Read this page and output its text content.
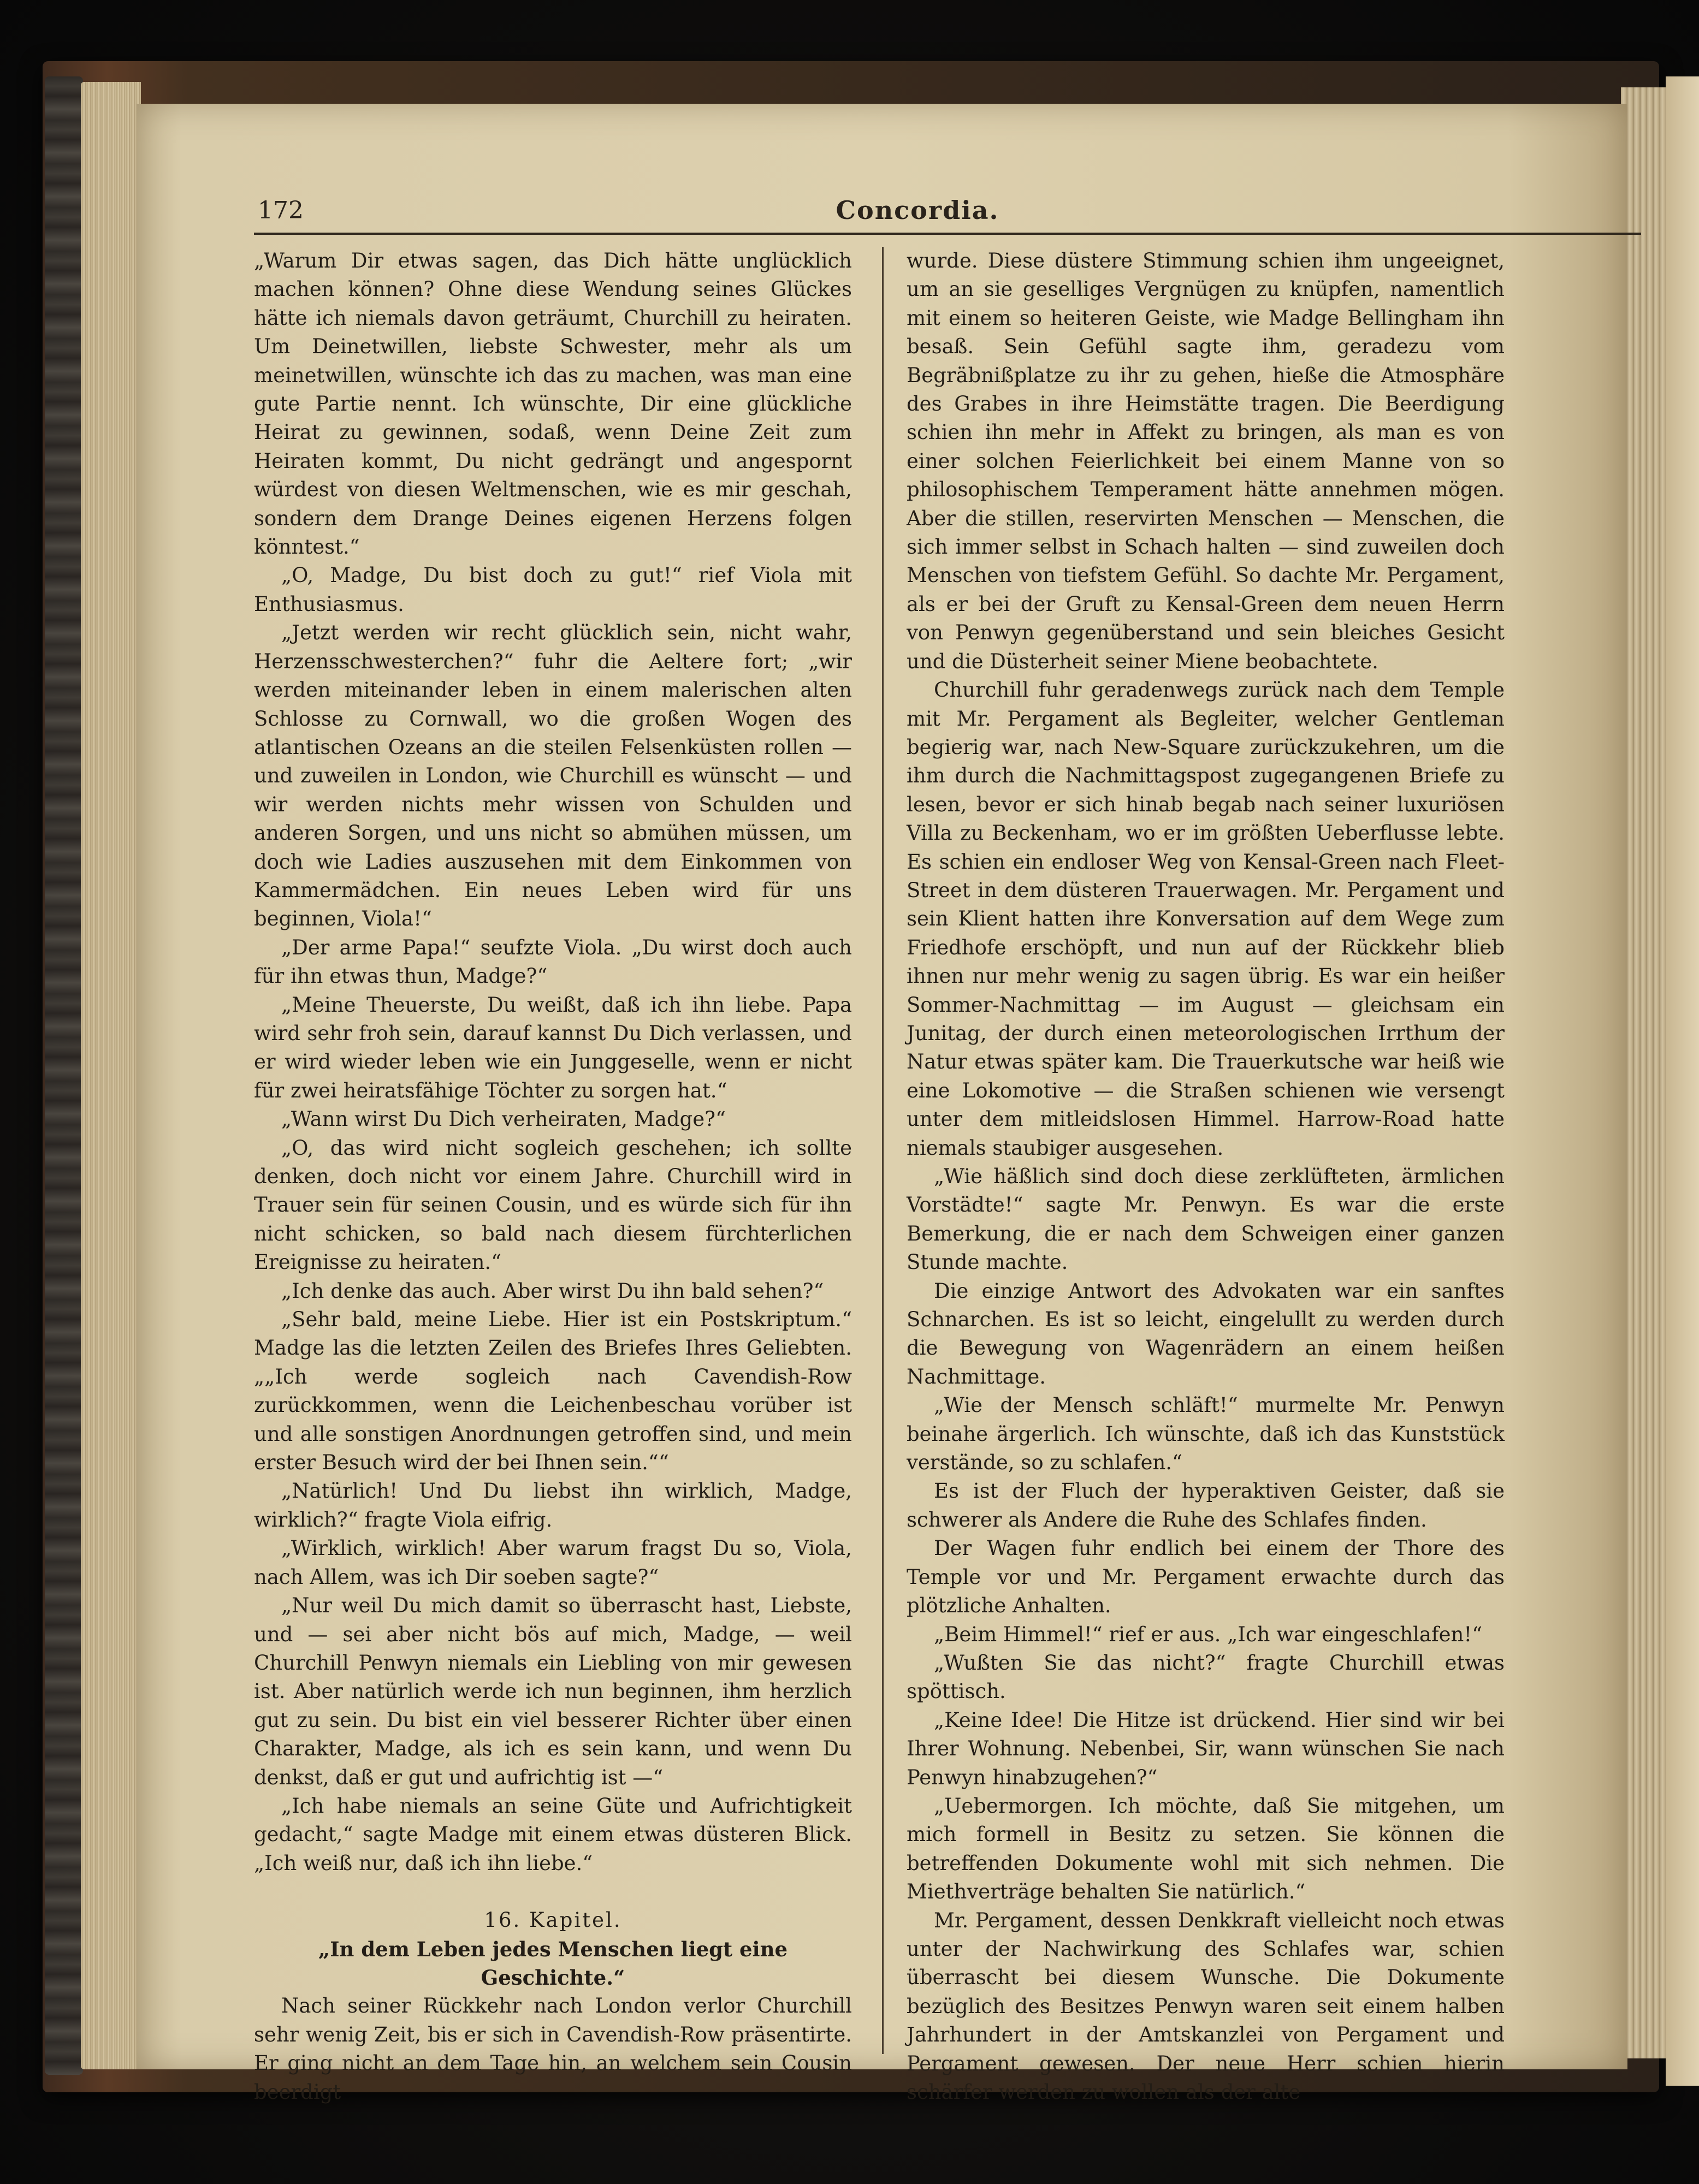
172	Concordia.

„Warum Dir etwas sagen, das Dich hätte unglücklich machen können? Ohne diese Wendung seines Glückes hätte ich niemals davon geträumt, Churchill zu heiraten. Um Deinetwillen, liebste Schwester, mehr als um meinetwillen, wünschte ich das zu machen, was man eine gute Partie nennt. Ich wünschte, Dir eine glückliche Heirat zu gewinnen, sodaß, wenn Deine Zeit zum Heiraten kommt, Du nicht gedrängt und angespornt würdest von diesen Weltmenschen, wie es mir geschah, sondern dem Drange Deines eigenen Herzens folgen könntest.“

„O, Madge, Du bist doch zu gut!“ rief Viola mit Enthusiasmus.

„Jetzt werden wir recht glücklich sein, nicht wahr, Herzensschwesterchen?“ fuhr die Aeltere fort; „wir werden miteinander leben in einem malerischen alten Schlosse zu Cornwall, wo die großen Wogen des atlantischen Ozeans an die steilen Felsenküsten rollen — und zuweilen in London, wie Churchill es wünscht — und wir werden nichts mehr wissen von Schulden und anderen Sorgen, und uns nicht so abmühen müssen, um doch wie Ladies auszusehen mit dem Einkommen von Kammermädchen. Ein neues Leben wird für uns beginnen, Viola!“

„Der arme Papa!“ seufzte Viola. „Du wirst doch auch für ihn etwas thun, Madge?“

„Meine Theuerste, Du weißt, daß ich ihn liebe. Papa wird sehr froh sein, darauf kannst Du Dich verlassen, und er wird wieder leben wie ein Junggeselle, wenn er nicht für zwei heiratsfähige Töchter zu sorgen hat.“

„Wann wirst Du Dich verheiraten, Madge?“

„O, das wird nicht sogleich geschehen; ich sollte denken, doch nicht vor einem Jahre. Churchill wird in Trauer sein für seinen Cousin, und es würde sich für ihn nicht schicken, so bald nach diesem fürchterlichen Ereignisse zu heiraten.“

„Ich denke das auch. Aber wirst Du ihn bald sehen?“

„Sehr bald, meine Liebe. Hier ist ein Postskriptum.“ Madge las die letzten Zeilen des Briefes Ihres Geliebten. „„Ich werde sogleich nach Cavendish-Row zurückkommen, wenn die Leichenbeschau vorüber ist und alle sonstigen Anordnungen getroffen sind, und mein erster Besuch wird der bei Ihnen sein.““

„Natürlich! Und Du liebst ihn wirklich, Madge, wirklich?“ fragte Viola eifrig.

„Wirklich, wirklich! Aber warum fragst Du so, Viola, nach Allem, was ich Dir soeben sagte?“

„Nur weil Du mich damit so überrascht hast, Liebste, und — sei aber nicht bös auf mich, Madge, — weil Churchill Penwyn niemals ein Liebling von mir gewesen ist. Aber natürlich werde ich nun beginnen, ihm herzlich gut zu sein. Du bist ein viel besserer Richter über einen Charakter, Madge, als ich es sein kann, und wenn Du denkst, daß er gut und aufrichtig ist —“

„Ich habe niemals an seine Güte und Aufrichtigkeit gedacht,“ sagte Madge mit einem etwas düsteren Blick. „Ich weiß nur, daß ich ihn liebe.“

16. Kapitel.

„In dem Leben jedes Menschen liegt eine Geschichte.“

Nach seiner Rückkehr nach London verlor Churchill sehr wenig Zeit, bis er sich in Cavendish-Row präsentirte. Er ging nicht an dem Tage hin, an welchem sein Cousin beerdigt

wurde. Diese düstere Stimmung schien ihm ungeeignet, um an sie geselliges Vergnügen zu knüpfen, namentlich mit einem so heiteren Geiste, wie Madge Bellingham ihn besaß. Sein Gefühl sagte ihm, geradezu vom Begräbnißplatze zu ihr zu gehen, hieße die Atmosphäre des Grabes in ihre Heimstätte tragen. Die Beerdigung schien ihn mehr in Affekt zu bringen, als man es von einer solchen Feierlichkeit bei einem Manne von so philosophischem Temperament hätte annehmen mögen. Aber die stillen, reservirten Menschen — Menschen, die sich immer selbst in Schach halten — sind zuweilen doch Menschen von tiefstem Gefühl. So dachte Mr. Pergament, als er bei der Gruft zu Kensal-Green dem neuen Herrn von Penwyn gegenüberstand und sein bleiches Gesicht und die Düsterheit seiner Miene beobachtete.

Churchill fuhr geradenwegs zurück nach dem Temple mit Mr. Pergament als Begleiter, welcher Gentleman begierig war, nach New-Square zurückzukehren, um die ihm durch die Nachmittagspost zugegangenen Briefe zu lesen, bevor er sich hinab begab nach seiner luxuriösen Villa zu Beckenham, wo er im größten Ueberflusse lebte. Es schien ein endloser Weg von Kensal-Green nach Fleet-Street in dem düsteren Trauerwagen. Mr. Pergament und sein Klient hatten ihre Konversation auf dem Wege zum Friedhofe erschöpft, und nun auf der Rückkehr blieb ihnen nur mehr wenig zu sagen übrig. Es war ein heißer Sommer-Nachmittag — im August — gleichsam ein Junitag, der durch einen meteorologischen Irrthum der Natur etwas später kam. Die Trauerkutsche war heiß wie eine Lokomotive — die Straßen schienen wie versengt unter dem mitleidslosen Himmel. Harrow-Road hatte niemals staubiger ausgesehen.

„Wie häßlich sind doch diese zerklüfteten, ärmlichen Vorstädte!“ sagte Mr. Penwyn. Es war die erste Bemerkung, die er nach dem Schweigen einer ganzen Stunde machte.

Die einzige Antwort des Advokaten war ein sanftes Schnarchen. Es ist so leicht, eingelullt zu werden durch die Bewegung von Wagenrädern an einem heißen Nachmittage.

„Wie der Mensch schläft!“ murmelte Mr. Penwyn beinahe ärgerlich. Ich wünschte, daß ich das Kunststück verstände, so zu schlafen.“

Es ist der Fluch der hyperaktiven Geister, daß sie schwerer als Andere die Ruhe des Schlafes finden.

Der Wagen fuhr endlich bei einem der Thore des Temple vor und Mr. Pergament erwachte durch das plötzliche Anhalten.

„Beim Himmel!“ rief er aus. „Ich war eingeschlafen!“

„Wußten Sie das nicht?“ fragte Churchill etwas spöttisch.

„Keine Idee! Die Hitze ist drückend. Hier sind wir bei Ihrer Wohnung. Nebenbei, Sir, wann wünschen Sie nach Penwyn hinabzugehen?“

„Uebermorgen. Ich möchte, daß Sie mitgehen, um mich formell in Besitz zu setzen. Sie können die betreffenden Dokumente wohl mit sich nehmen. Die Miethverträge behalten Sie natürlich.“

Mr. Pergament, dessen Denkkraft vielleicht noch etwas unter der Nachwirkung des Schlafes war, schien überrascht bei diesem Wunsche. Die Dokumente bezüglich des Besitzes Penwyn waren seit einem halben Jahrhundert in der Amtskanzlei von Pergament und Pergament gewesen. Der neue Herr schien hierin schärfer werden zu wollen als der alte
